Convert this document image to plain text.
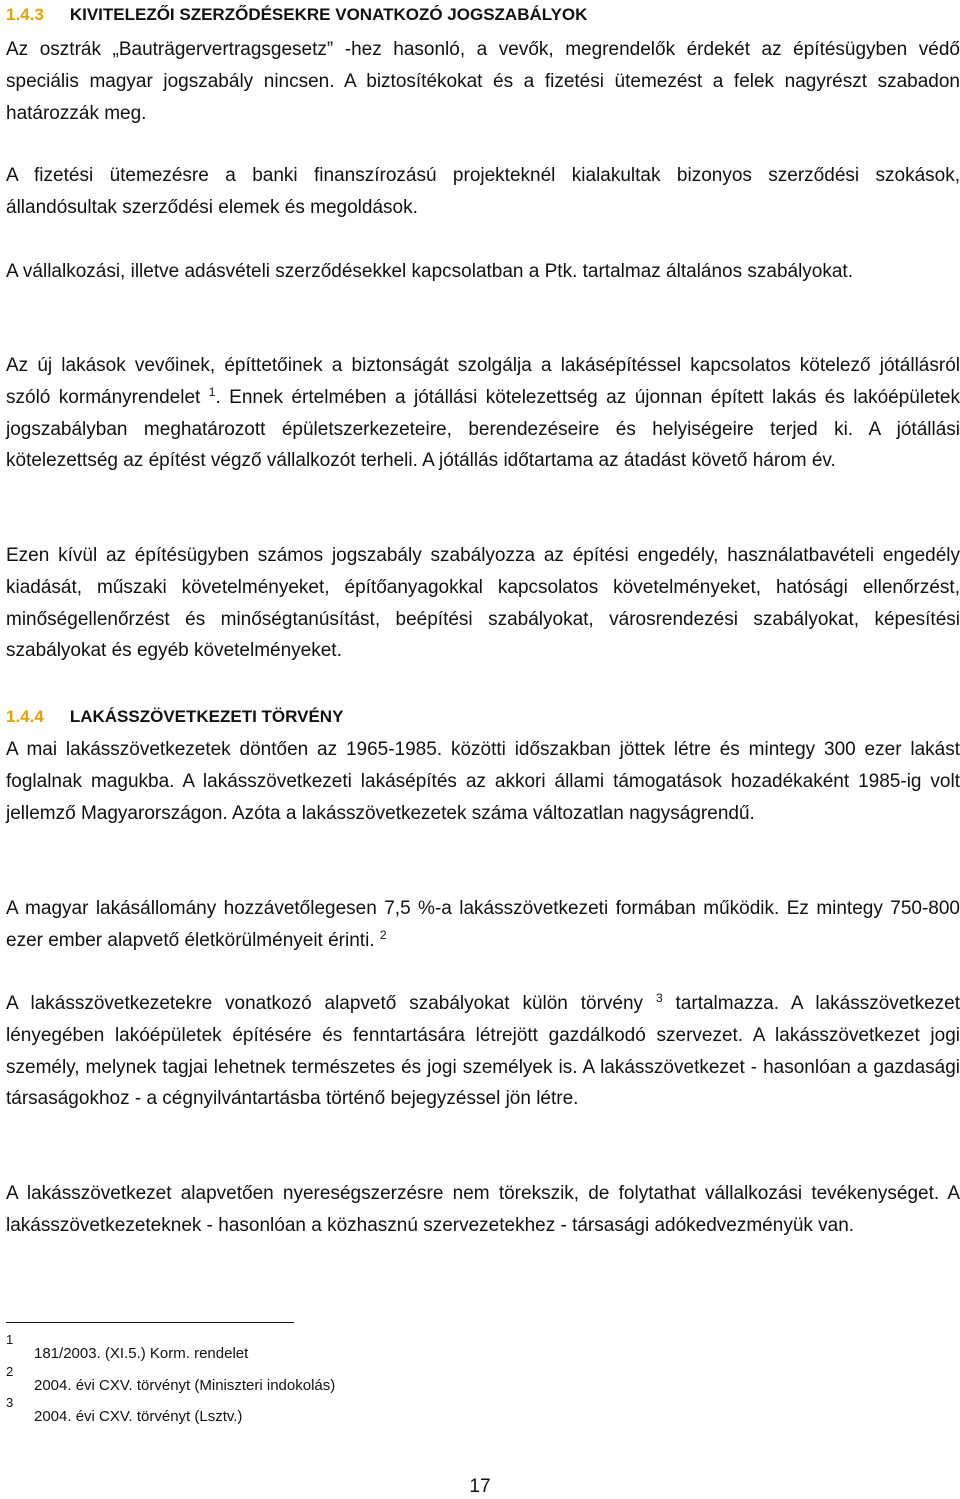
1.4.3 KIVITELEZŐI SZERZŐDÉSEKRE VONATKOZÓ JOGSZABÁLYOK

Az osztrák „Bauträgervertragsgesetz” -hez hasonló, a vevők, megrendelők érdekét az építésügyben védő speciális magyar jogszabály nincsen. A biztosítékokat és a fizetési ütemezést a felek nagyrészt szabadon határozzák meg.

A fizetési ütemezésre a banki finanszírozású projekteknél kialakultak bizonyos szerződési szokások, állandósultak szerződési elemek és megoldások.

A vállalkozási, illetve adásvételi szerződésekkel kapcsolatban a Ptk. tartalmaz általános szabályokat.

Az új lakások vevőinek, építtetőinek a biztonságát szolgálja a lakásépítéssel kapcsolatos kötelező jótállásról szóló kormányrendelet $^1$. Ennek értelmében a jótállási kötelezettség az újonnan épített lakás és lakóépületek jogszabályban meghatározott épületszerkezeteire, berendezéseire és helyiségeire terjed ki. A jótállási kötelezettség az építést végző vállalkozót terheli. A jótállás időtartama az átadást követő három év.

Ezen kívül az építésügyben számos jogszabály szabályozza az építési engedély, használatbavételi engedély kiadását, műszaki követelményeket, építőanyagokkal kapcsolatos követelményeket, hatósági ellenőrzést, minőségellenőrzést és minőségtanúsítást, beépítési szabályokat, városrendezési szabályokat, képesítési szabályokat és egyéb követelményeket.

1.4.4 LAKÁSSZÖVETKEZETI TÖRVÉNY

A mai lakásszövetkezetek döntően az 1965-1985. közötti időszakban jöttek létre és mintegy 300 ezer lakást foglalnak magukba. A lakásszövetkezeti lakásépítés az akkori állami támogatások hozadékaként 1985-ig volt jellemző Magyarországon. Azóta a lakásszövetkezetek száma változatlan nagyságrendű.

A magyar lakásállomány hozzávetőlegesen 7,5 %-a lakásszövetkezeti formában működik. Ez mintegy 750-800 ezer ember alapvető életkörülményeit érinti. $^2$

A lakásszövetkezetekre vonatkozó alapvető szabályokat külön törvény $^3$ tartalmazza. A lakásszövetkezet lényegében lakóépületek építésére és fenntartására létrejött gazdálkodó szervezet. A lakásszövetkezet jogi személy, melynek tagjai lehetnek természetes és jogi személyek is. A lakásszövetkezet - hasonlóan a gazdasági társaságokhoz - a cégnyilvántartásba történő bejegyzéssel jön létre.

A lakásszövetkezet alapvetően nyereségszerzésre nem törekszik, de folytathat vállalkozási tevékenységet. A lakásszövetkezeteknek - hasonlóan a közhasznú szervezetekhez - társasági adókedvezményük van.

1
181/2003. (XI.5.) Korm. rendelet
2
2004. évi CXV. törvényt (Miniszteri indokolás)
3
2004. évi CXV. törvényt (Lsztv.)
17
